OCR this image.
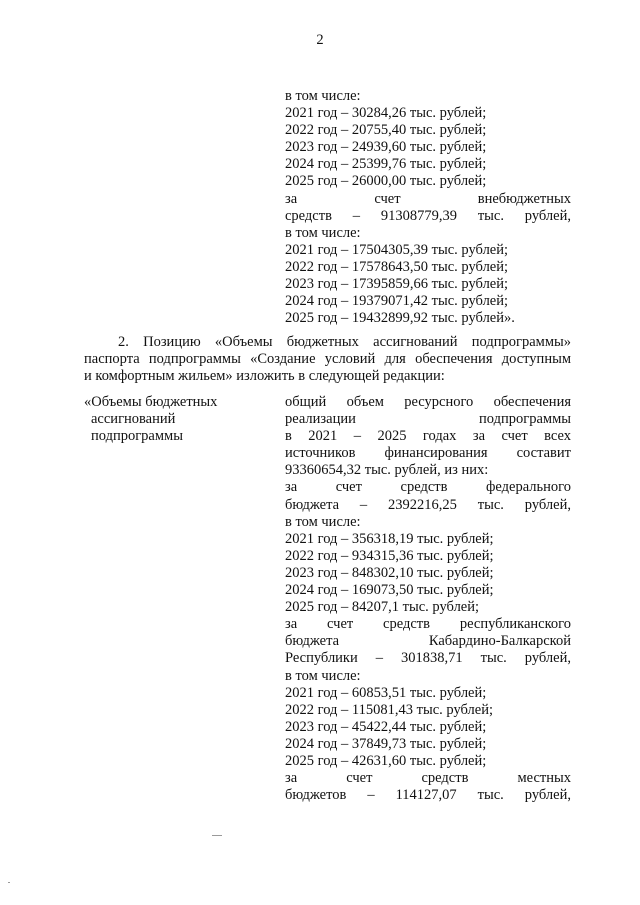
2
в том числе:
2021 год – 30284,26 тыс. рублей;
2022 год – 20755,40 тыс. рублей;
2023 год – 24939,60 тыс. рублей;
2024 год – 25399,76 тыс. рублей;
2025 год – 26000,00 тыс. рублей;
за счет внебюджетных
средств – 91308779,39 тыс. рублей,
в том числе:
2021 год – 17504305,39 тыс. рублей;
2022 год – 17578643,50 тыс. рублей;
2023 год – 17395859,66 тыс. рублей;
2024 год – 19379071,42 тыс. рублей;
2025 год – 19432899,92 тыс. рублей».
2. Позицию «Объемы бюджетных ассигнований подпрограммы»
паспорта подпрограммы «Создание условий для обеспечения доступным
и комфортным жильем» изложить в следующей редакции:
«Объемы бюджетных
ассигнований
подпрограммы
общий объем ресурсного обеспечения
реализации подпрограммы
в 2021 – 2025 годах за счет всех
источников финансирования составит
93360654,32 тыс. рублей, из них:
за счет средств федерального
бюджета – 2392216,25 тыс. рублей,
в том числе:
2021 год – 356318,19 тыс. рублей;
2022 год – 934315,36 тыс. рублей;
2023 год – 848302,10 тыс. рублей;
2024 год – 169073,50 тыс. рублей;
2025 год – 84207,1 тыс. рублей;
за счет средств республиканского
бюджета Кабардино-Балкарской
Республики – 301838,71 тыс. рублей,
в том числе:
2021 год – 60853,51 тыс. рублей;
2022 год – 115081,43 тыс. рублей;
2023 год – 45422,44 тыс. рублей;
2024 год – 37849,73 тыс. рублей;
2025 год – 42631,60 тыс. рублей;
за счет средств местных
бюджетов – 114127,07 тыс. рублей,
